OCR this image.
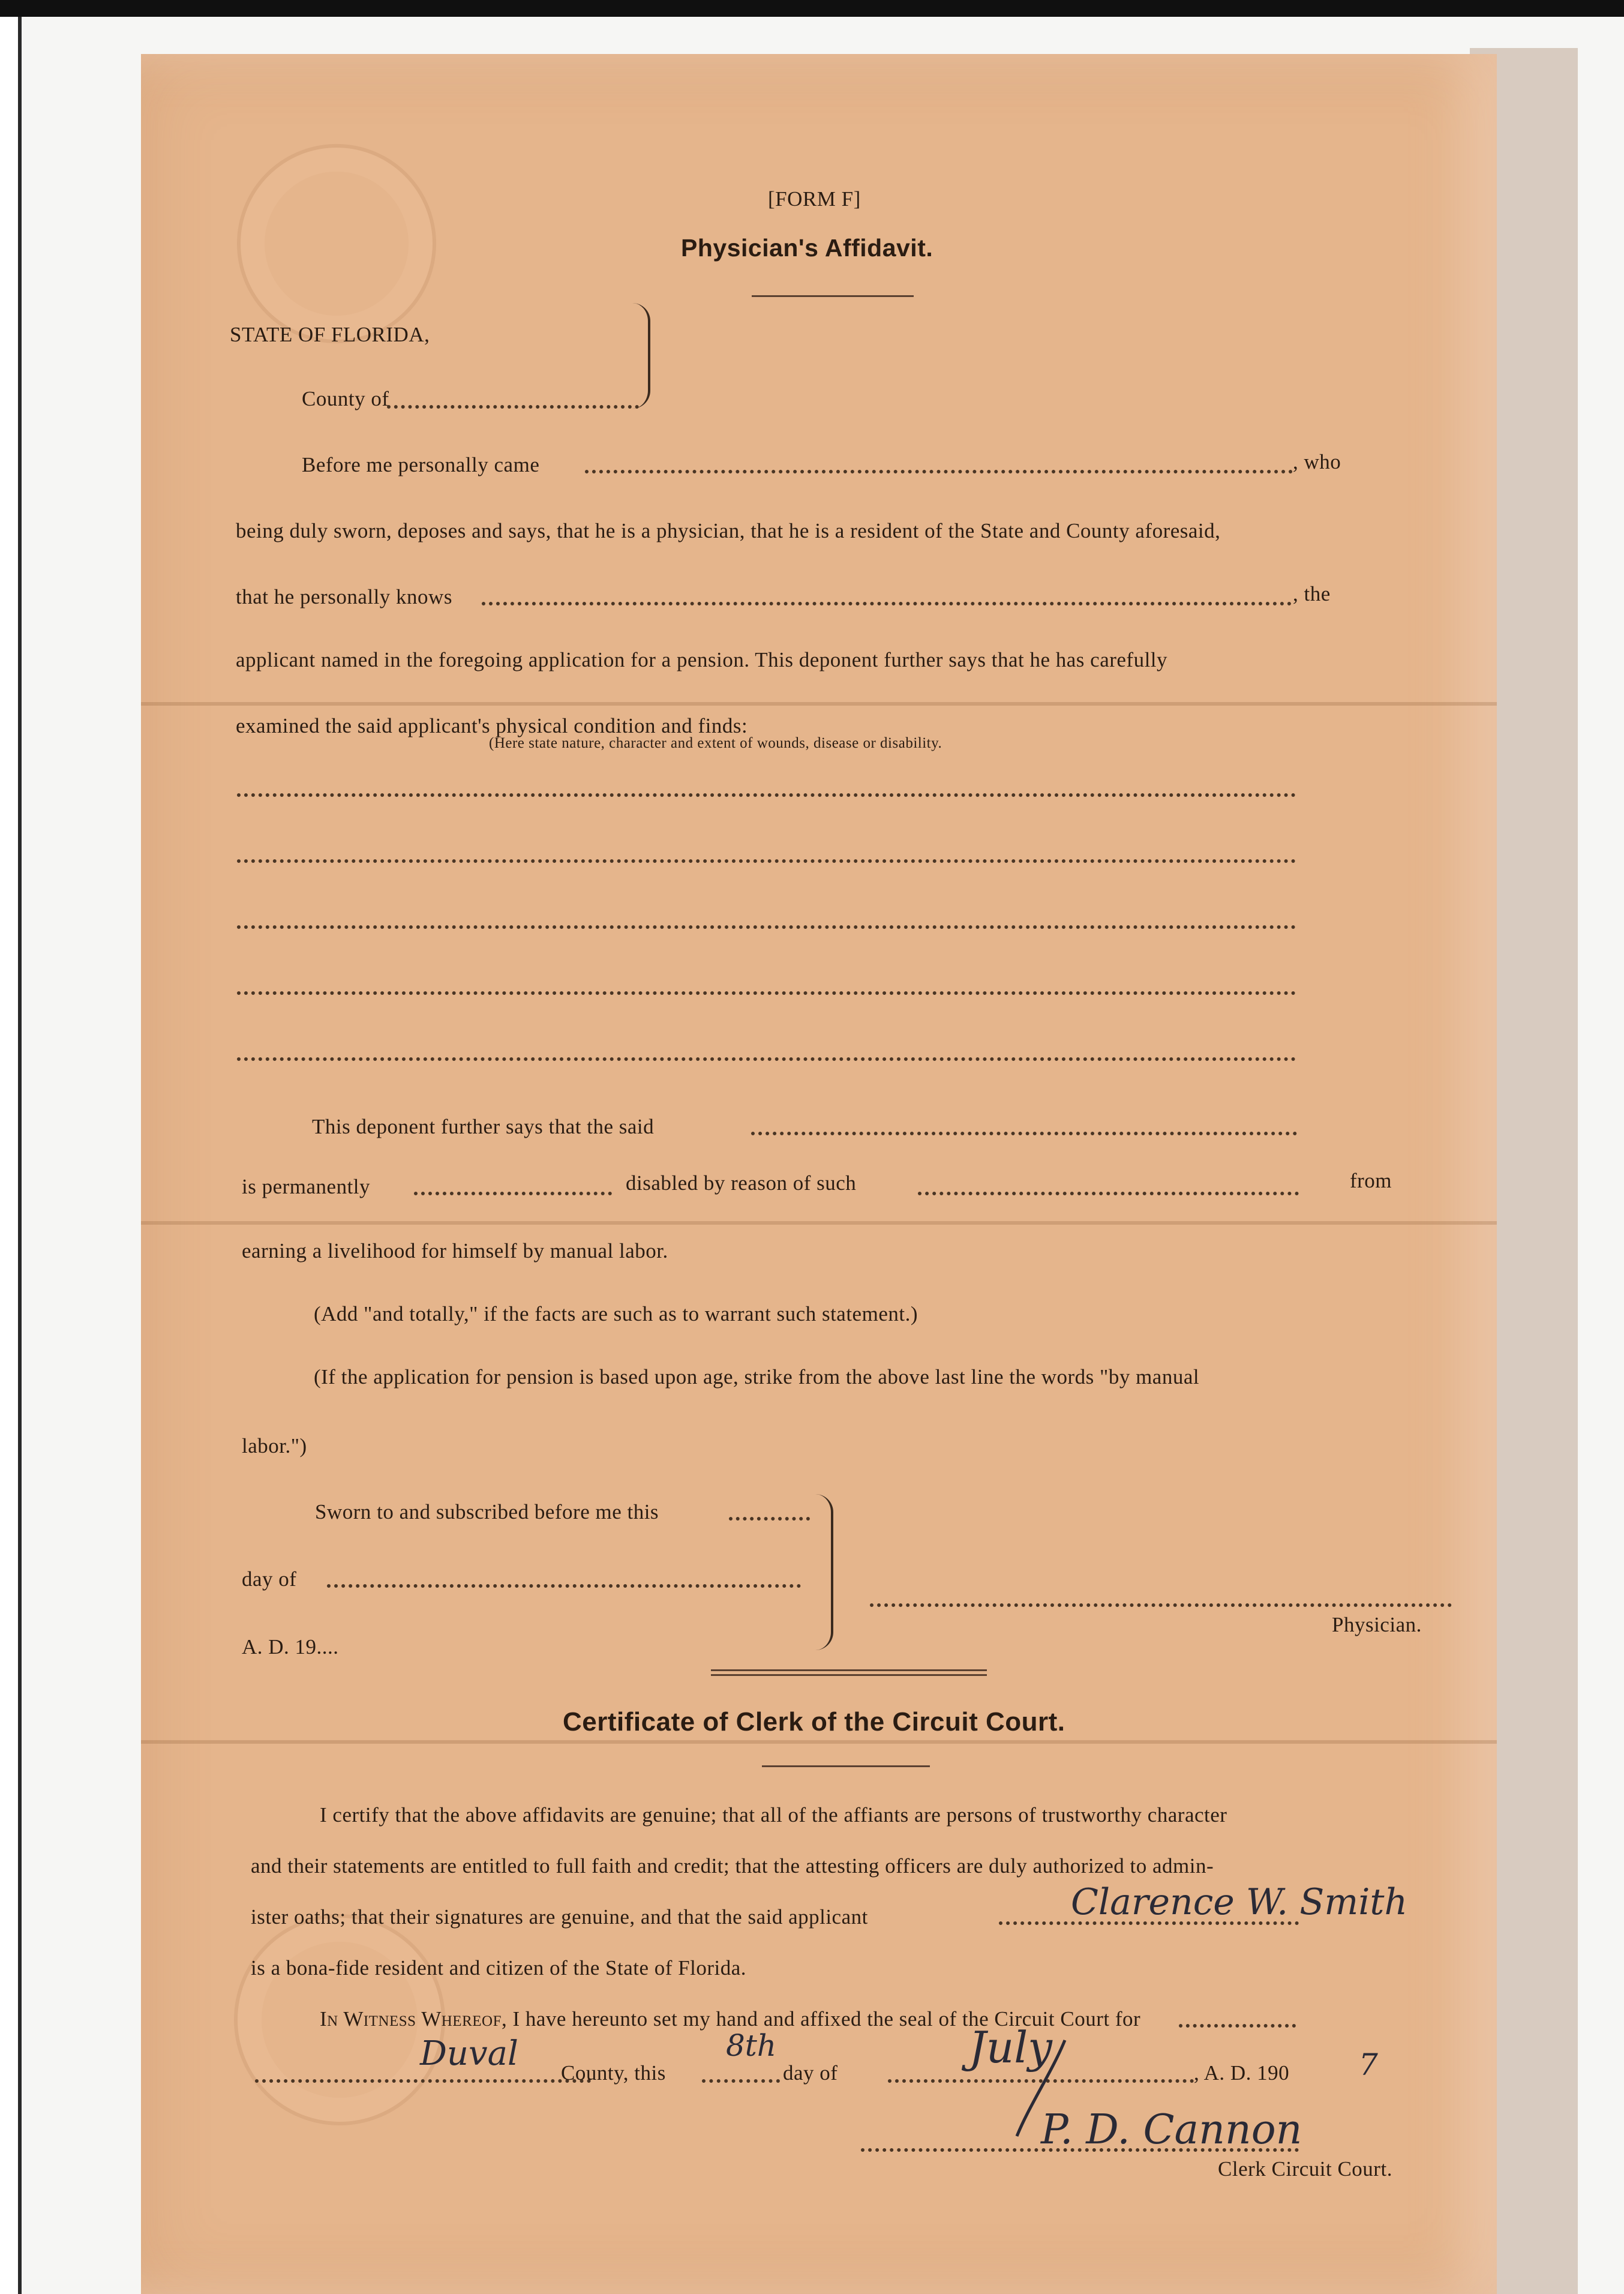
[FORM F]
Physician's Affidavit.
STATE OF FLORIDA,
County of
Before me personally came	, who
being duly sworn, deposes and says, that he is a physician, that he is a resident of the State and County aforesaid,
that he personally knows	, the
applicant named in the foregoing application for a pension. This deponent further says that he has carefully
examined the said applicant's physical condition and finds:
(Here state nature, character and extent of wounds, disease or disability.
This deponent further says that the said
is permanently	disabled by reason of such	from
earning a livelihood for himself by manual labor.
(Add "and totally," if the facts are such as to warrant such statement.)
(If the application for pension is based upon age, strike from the above last line the words "by manual
labor.")
Sworn to and subscribed before me this
day of
A. D. 19....
Physician.
Certificate of Clerk of the Circuit Court.
I certify that the above affidavits are genuine; that all of the affiants are persons of trustworthy character
and their statements are entitled to full faith and credit; that the attesting officers are duly authorized to admin-
ister oaths; that their signatures are genuine, and that the said applicant	Clarence W. Smith
is a bona-fide resident and citizen of the State of Florida.
In Witness Whereof, I have hereunto set my hand and affixed the seal of the Circuit Court for
Duval County, this
8th
day of
July
, A. D. 190 7
P. D. Cannon
Clerk Circuit Court.
